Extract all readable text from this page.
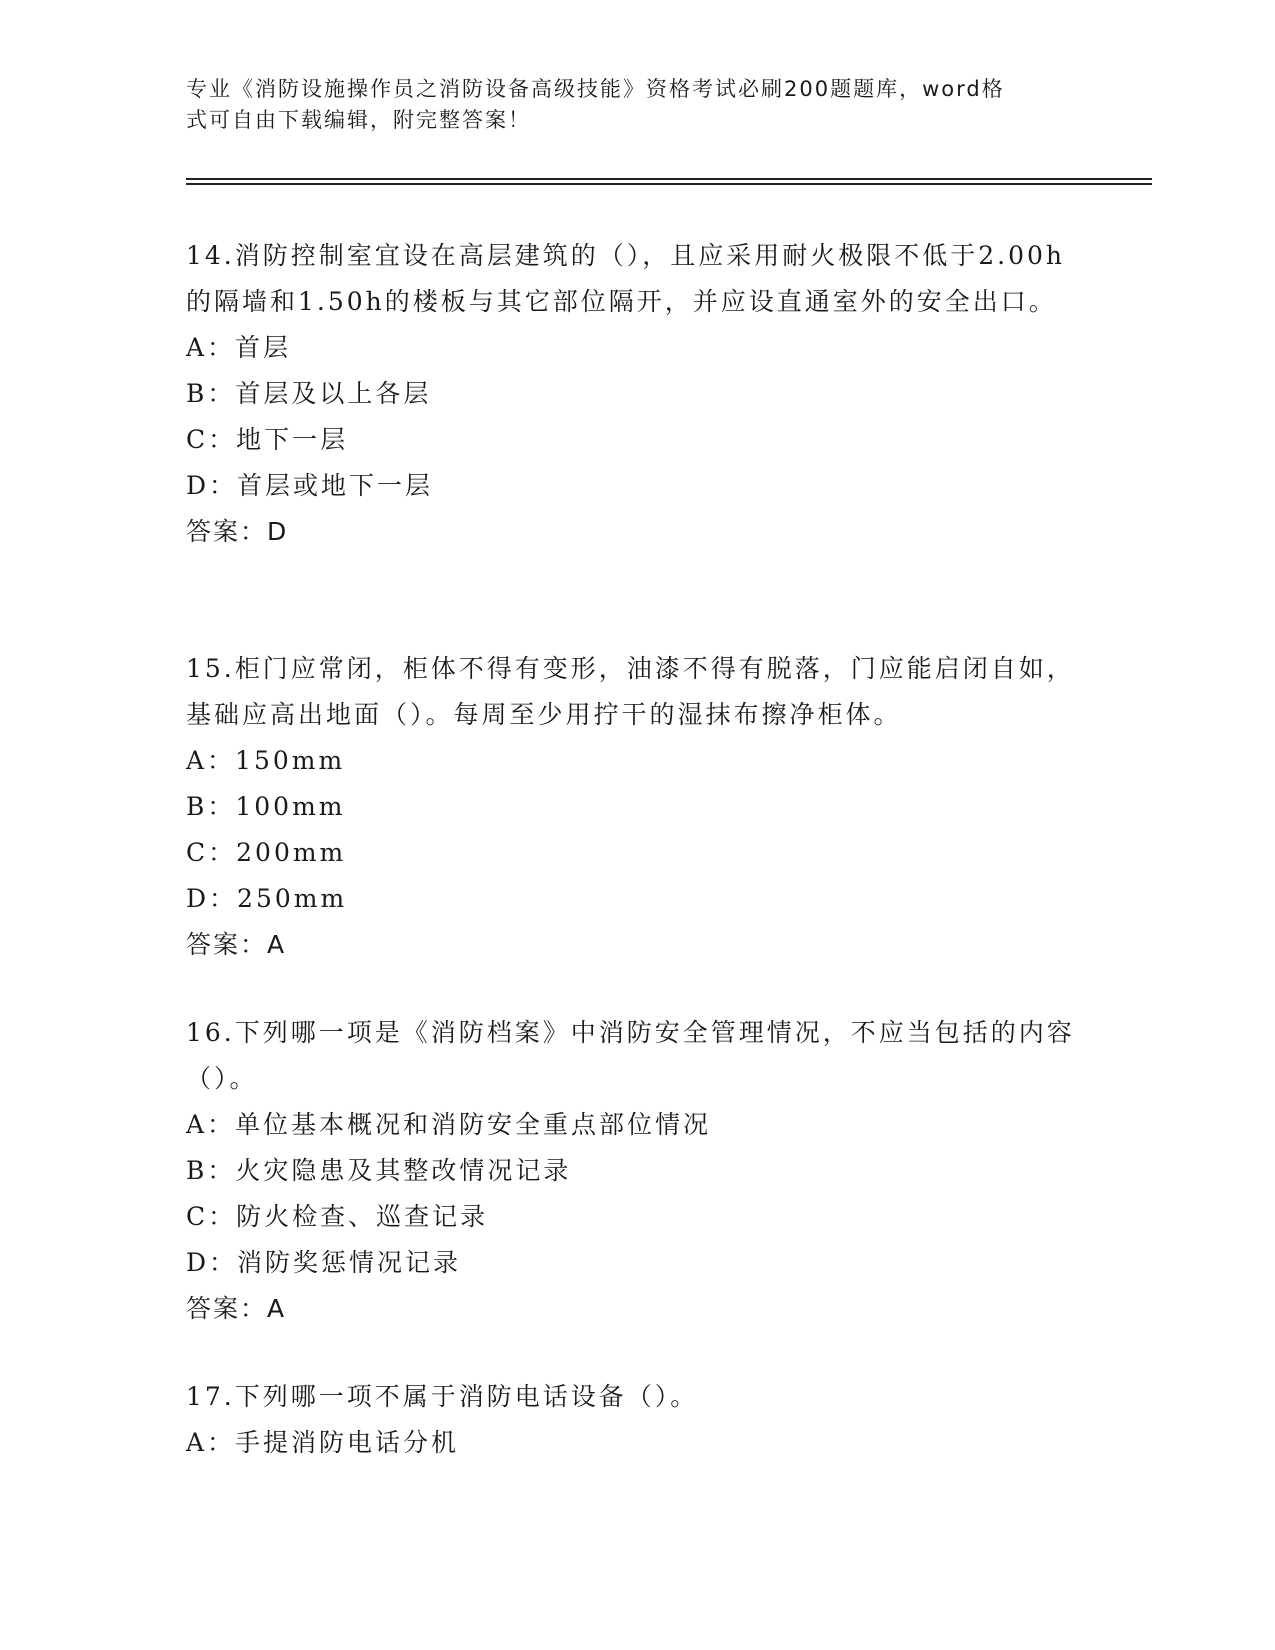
专业《消防设施操作员之消防设备高级技能》资格考试必刷200题题库，word格
式可自由下载编辑，附完整答案！
14.消防控制室宜设在高层建筑的（），且应采用耐火极限不低于2.00h的隔墙和1.50h的楼板与其它部位隔开，并应设直通室外的安全出口。
A：首层
B：首层及以上各层
C：地下一层
D：首层或地下一层
答案：D
15.柜门应常闭，柜体不得有变形，油漆不得有脱落，门应能启闭自如，基础应高出地面（）。每周至少用拧干的湿抹布擦净柜体。
A：150mm
B：100mm
C：200mm
D：250mm
答案：A
16.下列哪一项是《消防档案》中消防安全管理情况，不应当包括的内容（）。
A：单位基本概况和消防安全重点部位情况
B：火灾隐患及其整改情况记录
C：防火检查、巡查记录
D：消防奖惩情况记录
答案：A
17.下列哪一项不属于消防电话设备（）。
A：手提消防电话分机
